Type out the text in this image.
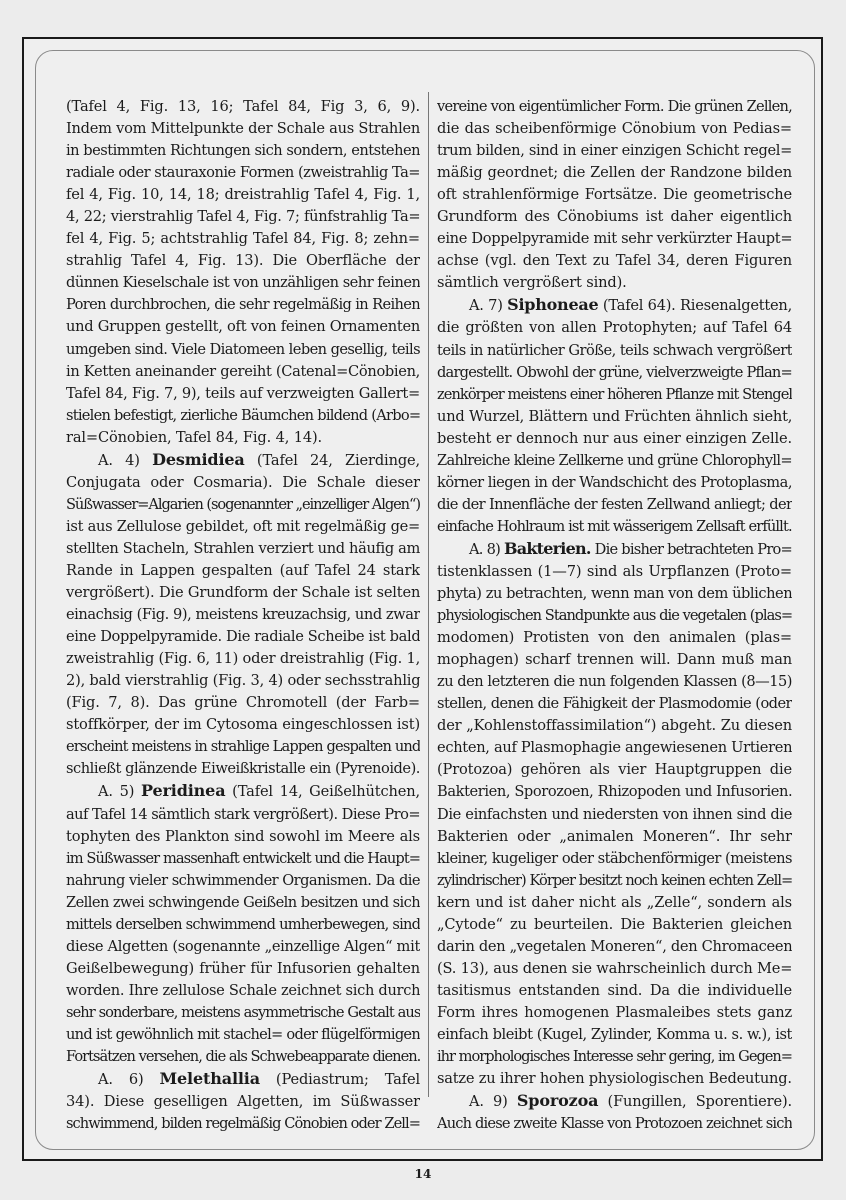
(Tafel 4, Fig. 13, 16; Tafel 84, Fig 3, 6, 9).
Indem vom Mittelpunkte der Schale aus Strahlen
in bestimmten Richtungen sich sondern, entstehen
radiale oder stauraxonie Formen (zweistrahlig Ta=
fel 4, Fig. 10, 14, 18; dreistrahlig Tafel 4, Fig. 1,
4, 22; vierstrahlig Tafel 4, Fig. 7; fünfstrahlig Ta=
fel 4, Fig. 5; achtstrahlig Tafel 84, Fig. 8; zehn=
strahlig Tafel 4, Fig. 13). Die Oberfläche der
dünnen Kieselschale ist von unzähligen sehr feinen
Poren durchbrochen, die sehr regelmäßig in Reihen
und Gruppen gestellt, oft von feinen Ornamenten
umgeben sind. Viele Diatomeen leben gesellig, teils
in Ketten aneinander gereiht (Catenal=Cönobien,
Tafel 84, Fig. 7, 9), teils auf verzweigten Gallert=
stielen befestigt, zierliche Bäumchen bildend (Arbo=
ral=Cönobien, Tafel 84, Fig. 4, 14).
A. 4) Desmidiea (Tafel 24, Zierdinge,
Conjugata oder Cosmaria). Die Schale dieser
Süßwasser=Algarien (sogenannter „einzelliger Algen“)
ist aus Zellulose gebildet, oft mit regelmäßig ge=
stellten Stacheln, Strahlen verziert und häufig am
Rande in Lappen gespalten (auf Tafel 24 stark
vergrößert). Die Grundform der Schale ist selten
einachsig (Fig. 9), meistens kreuzachsig, und zwar
eine Doppelpyramide. Die radiale Scheibe ist bald
zweistrahlig (Fig. 6, 11) oder dreistrahlig (Fig. 1,
2), bald vierstrahlig (Fig. 3, 4) oder sechsstrahlig
(Fig. 7, 8). Das grüne Chromotell (der Farb=
stoffkörper, der im Cytosoma eingeschlossen ist)
erscheint meistens in strahlige Lappen gespalten und
schließt glänzende Eiweißkristalle ein (Pyrenoide).
A. 5) Peridinea (Tafel 14, Geißelhütchen,
auf Tafel 14 sämtlich stark vergrößert). Diese Pro=
tophyten des Plankton sind sowohl im Meere als
im Süßwasser massenhaft entwickelt und die Haupt=
nahrung vieler schwimmender Organismen. Da die
Zellen zwei schwingende Geißeln besitzen und sich
mittels derselben schwimmend umherbewegen, sind
diese Algetten (sogenannte „einzellige Algen“ mit
Geißelbewegung) früher für Infusorien gehalten
worden. Ihre zellulose Schale zeichnet sich durch
sehr sonderbare, meistens asymmetrische Gestalt aus
und ist gewöhnlich mit stachel= oder flügelförmigen
Fortsätzen versehen, die als Schwebeapparate dienen.
A. 6) Melethallia (Pediastrum; Tafel
34). Diese geselligen Algetten, im Süßwasser
schwimmend, bilden regelmäßig Cönobien oder Zell=
vereine von eigentümlicher Form. Die grünen Zellen,
die das scheibenförmige Cönobium von Pedias=
trum bilden, sind in einer einzigen Schicht regel=
mäßig geordnet; die Zellen der Randzone bilden
oft strahlenförmige Fortsätze. Die geometrische
Grundform des Cönobiums ist daher eigentlich
eine Doppelpyramide mit sehr verkürzter Haupt=
achse (vgl. den Text zu Tafel 34, deren Figuren
sämtlich vergrößert sind).
A. 7) Siphoneae (Tafel 64). Riesenalgetten,
die größten von allen Protophyten; auf Tafel 64
teils in natürlicher Größe, teils schwach vergrößert
dargestellt. Obwohl der grüne, vielverzweigte Pflan=
zenkörper meistens einer höheren Pflanze mit Stengel
und Wurzel, Blättern und Früchten ähnlich sieht,
besteht er dennoch nur aus einer einzigen Zelle.
Zahlreiche kleine Zellkerne und grüne Chlorophyll=
körner liegen in der Wandschicht des Protoplasma,
die der Innenfläche der festen Zellwand anliegt; der
einfache Hohlraum ist mit wässerigem Zellsaft erfüllt.
A. 8) Bakterien. Die bisher betrachteten Pro=
tistenklassen (1—7) sind als Urpflanzen (Proto=
phyta) zu betrachten, wenn man von dem üblichen
physiologischen Standpunkte aus die vegetalen (plas=
modomen) Protisten von den animalen (plas=
mophagen) scharf trennen will. Dann muß man
zu den letzteren die nun folgenden Klassen (8—15)
stellen, denen die Fähigkeit der Plasmodomie (oder
der „Kohlenstoffassimilation“) abgeht. Zu diesen
echten, auf Plasmophagie angewiesenen Urtieren
(Protozoa) gehören als vier Hauptgruppen die
Bakterien, Sporozoen, Rhizopoden und Infusorien.
Die einfachsten und niedersten von ihnen sind die
Bakterien oder „animalen Moneren“. Ihr sehr
kleiner, kugeliger oder stäbchenförmiger (meistens
zylindrischer) Körper besitzt noch keinen echten Zell=
kern und ist daher nicht als „Zelle“, sondern als
„Cytode“ zu beurteilen. Die Bakterien gleichen
darin den „vegetalen Moneren“, den Chromaceen
(S. 13), aus denen sie wahrscheinlich durch Me=
tasitismus entstanden sind. Da die individuelle
Form ihres homogenen Plasmaleibes stets ganz
einfach bleibt (Kugel, Zylinder, Komma u. s. w.), ist
ihr morphologisches Interesse sehr gering, im Gegen=
satze zu ihrer hohen physiologischen Bedeutung.
A. 9) Sporozoa (Fungillen, Sporentiere).
Auch diese zweite Klasse von Protozoen zeichnet sich
14
